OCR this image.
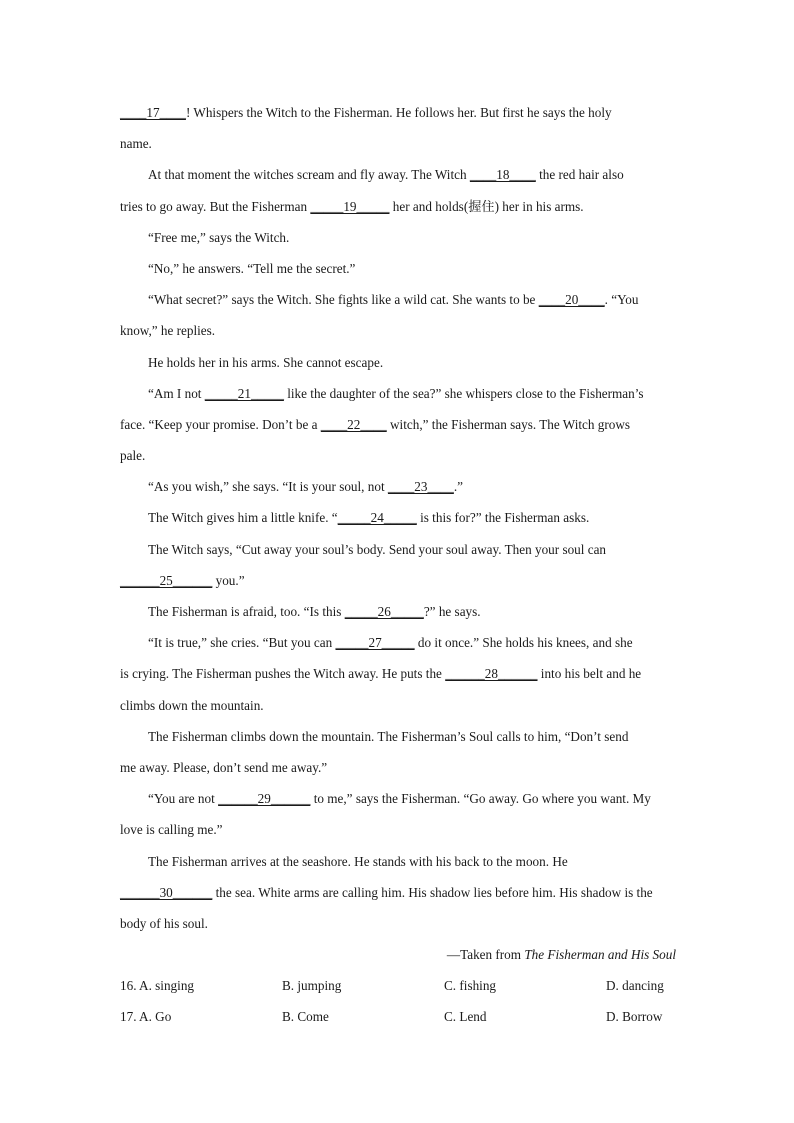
____17____! Whispers the Witch to the Fisherman. He follows her. But first he says the holy
name.
At that moment the witches scream and fly away. The Witch ____18____ the red hair also
tries to go away. But the Fisherman _____19_____ her and holds(握住) her in his arms.
“Free me,” says the Witch.
“No,” he answers. “Tell me the secret.”
“What secret?” says the Witch. She fights like a wild cat. She wants to be ____20____. “You
know,” he replies.
He holds her in his arms. She cannot escape.
“Am I not _____21_____ like the daughter of the sea?” she whispers close to the Fisherman’s
face. “Keep your promise. Don’t be a ____22____ witch,” the Fisherman says. The Witch grows
pale.
“As you wish,” she says. “It is your soul, not ____23____.”
The Witch gives him a little knife. “_____24_____ is this for?” the Fisherman asks.
The Witch says, “Cut away your soul’s body. Send your soul away. Then your soul can
______25______ you.”
The Fisherman is afraid, too. “Is this _____26_____?” he says.
“It is true,” she cries. “But you can _____27_____ do it once.” She holds his knees, and she
is crying. The Fisherman pushes the Witch away. He puts the ______28______ into his belt and he
climbs down the mountain.
The Fisherman climbs down the mountain. The Fisherman’s Soul calls to him, “Don’t send
me away. Please, don’t send me away.”
“You are not ______29______ to me,” says the Fisherman. “Go away. Go where you want. My
love is calling me.”
The Fisherman arrives at the seashore. He stands with his back to the moon. He
______30______ the sea. White arms are calling him. His shadow lies before him. His shadow is the
body of his soul.
—Taken from The Fisherman and His Soul
16. A. singing	B. jumping	C. fishing	D. dancing
17. A. Go	B. Come	C. Lend	D. Borrow
